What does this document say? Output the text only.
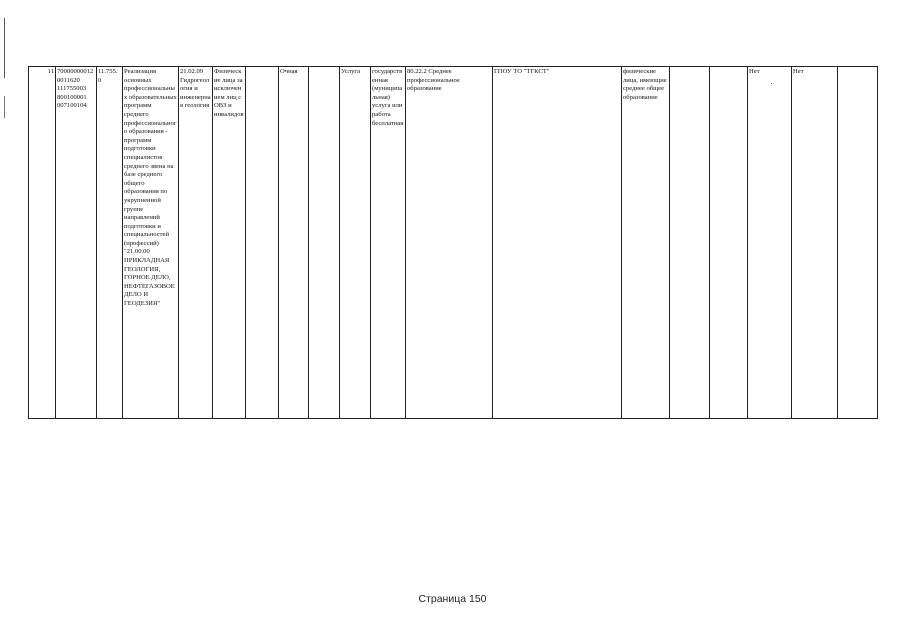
11	700000000120011620 111755003 800100001 007100104	11.755. 0	Реализация основных профессиональных образовательных программ среднего профессионального образования - программ подготовки специалистов среднего звена на базе среднего общего образования по укрупненной группе направлений подготовки и специальностей (профессий) "21.00.00 ПРИКЛАДНАЯ ГЕОЛОГИЯ, ГОРНОЕ ДЕЛО, НЕФТЕГАЗОВОЕ ДЕЛО И ГЕОДЕЗИЯ"	21.02.09 Гидрогеология и инженерная геология	Физические лица за исключением лиц с ОВЗ и инвалидов		Очная		Услуга	государственная (муниципальная) услуга или работа бесплатная	80.22.2 Среднее профессиональное образование	ГПОУ ТО "ТГКСТ"	физические лица, имеющие среднее общее образование			Нет	Нет	
Страница 150
